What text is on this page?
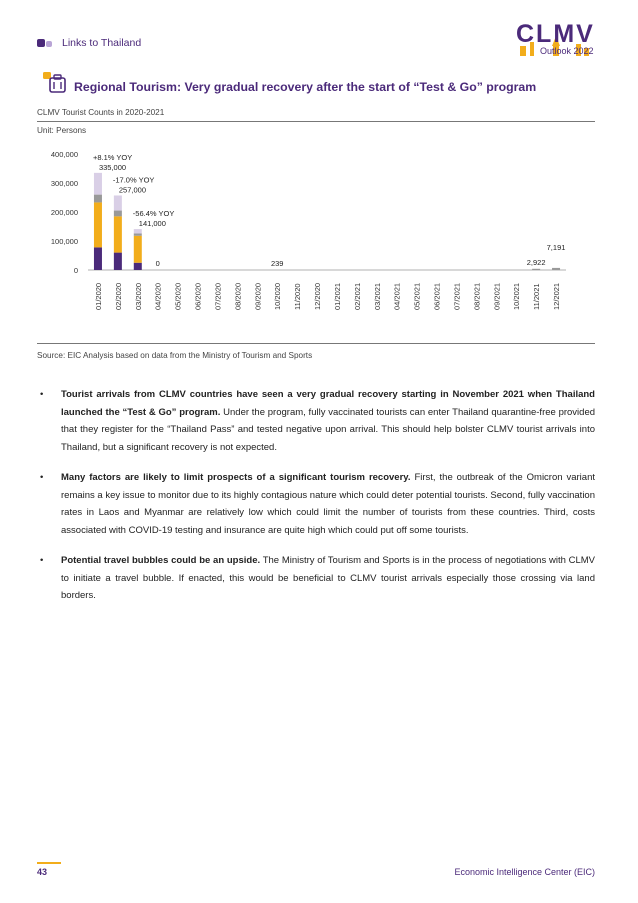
Links to Thailand	CLMV
Outlook 2022
Regional Tourism: Very gradual recovery after the start of “Test & Go” program
CLMV Tourist Counts in 2020-2021
Unit: Persons
0
100,000
200,000
300,000
400,000
01/2020 02/2020 03/2020 04/2020 05/2020 06/2020 07/2020 08/2020 09/2020 10/2020 11/2020 12/2020 01/2021 02/2021 03/2021 04/2021 05/2021 06/2021 07/2021 08/2021 09/2021 10/2021 11/2021 12/2021
335,000
+8.1% YOY
257,000
-17.0% YOY
141,000
-56.4% YOY
0	239	2,922
7,191
Source: EIC Analysis based on data from the Ministry of Tourism and Sports
• Tourist arrivals from CLMV countries have seen a very gradual recovery starting in November 2021 when Thailand launched the “Test & Go” program. Under the program, fully vaccinated tourists can enter Thailand quarantine-free provided that they register for the “Thailand Pass” and tested negative upon arrival. This should help bolster CLMV tourist arrivals into Thailand, but a significant recovery is not expected.
• Many factors are likely to limit prospects of a significant tourism recovery. First, the outbreak of the Omicron variant remains a key issue to monitor due to its highly contagious nature which could deter potential tourists. Second, fully vaccination rates in Laos and Myanmar are relatively low which could limit the number of tourists from these countries. Third, costs associated with COVID-19 testing and insurance are quite high which could put off some tourists.
• Potential travel bubbles could be an upside. The Ministry of Tourism and Sports is in the process of negotiations with CLMV to initiate a travel bubble. If enacted, this would be beneficial to CLMV tourist arrivals especially those crossing via land borders.
43	Economic Intelligence Center (EIC)
